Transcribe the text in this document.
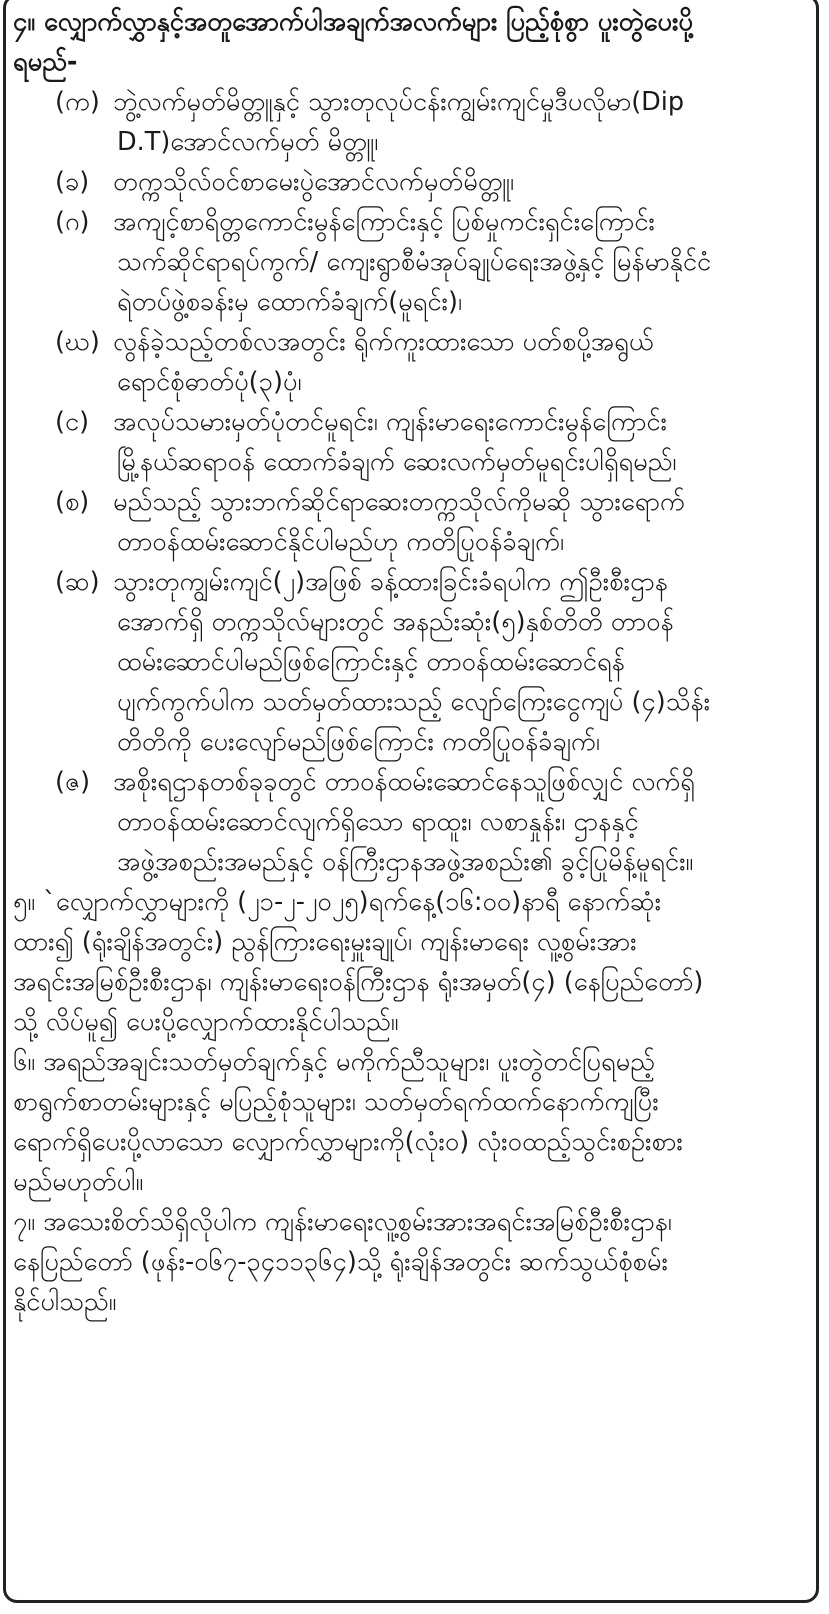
၄။ လျှောက်လွှာနှင့်အတူအောက်ပါအချက်အလက်များ ပြည့်စုံစွာ ပူးတွဲပေးပို့
ရမည်-
(က) ဘွဲ့လက်မှတ်မိတ္တူနှင့် သွားတုလုပ်ငန်းကျွမ်းကျင်မှုဒီပလိုမာ(Dip
D.T)အောင်လက်မှတ် မိတ္တူ၊
(ခ) တက္ကသိုလ်ဝင်စာမေးပွဲအောင်လက်မှတ်မိတ္တူ၊
(ဂ) အကျင့်စာရိတ္တကောင်းမွန်ကြောင်းနှင့် ပြစ်မှုကင်းရှင်းကြောင်း
သက်ဆိုင်ရာရပ်ကွက်/ ကျေးရွာစီမံအုပ်ချုပ်ရေးအဖွဲ့နှင့် မြန်မာနိုင်ငံ
ရဲတပ်ဖွဲ့စခန်းမှ ထောက်ခံချက်(မူရင်း)၊
(ဃ) လွန်ခဲ့သည့်တစ်လအတွင်း ရိုက်ကူးထားသော ပတ်စပို့အရွယ်
ရောင်စုံဓာတ်ပုံ(၃)ပုံ၊
(င) အလုပ်သမားမှတ်ပုံတင်မူရင်း၊ ကျန်းမာရေးကောင်းမွန်ကြောင်း
မြို့နယ်ဆရာဝန် ထောက်ခံချက် ဆေးလက်မှတ်မူရင်းပါရှိရမည်၊
(စ) မည်သည့် သွားဘက်ဆိုင်ရာဆေးတက္ကသိုလ်ကိုမဆို သွားရောက်
တာဝန်ထမ်းဆောင်နိုင်ပါမည်ဟု ကတိပြုဝန်ခံချက်၊
(ဆ) သွားတုကျွမ်းကျင်(၂)အဖြစ် ခန့်ထားခြင်းခံရပါက ဤဦးစီးဌာန
အောက်ရှိ တက္ကသိုလ်များတွင် အနည်းဆုံး(၅)နှစ်တိတိ တာဝန်
ထမ်းဆောင်ပါမည်ဖြစ်ကြောင်းနှင့် တာဝန်ထမ်းဆောင်ရန်
ပျက်ကွက်ပါက သတ်မှတ်ထားသည့် လျော်ကြေးငွေကျပ် (၄)သိန်း
တိတိကို ပေးလျော်မည်ဖြစ်ကြောင်း ကတိပြုဝန်ခံချက်၊
(ဇ) အစိုးရဌာနတစ်ခုခုတွင် တာဝန်ထမ်းဆောင်နေသူဖြစ်လျှင် လက်ရှိ
တာဝန်ထမ်းဆောင်လျက်ရှိသော ရာထူး၊ လစာနှုန်း၊ ဌာနနှင့်
အဖွဲ့အစည်းအမည်နှင့် ဝန်ကြီးဌာနအဖွဲ့အစည်း၏ ခွင့်ပြုမိန့်မူရင်း။
၅။ `လျှောက်လွှာများကို (၂၁-၂-၂၀၂၅)ရက်နေ့(၁၆:၀၀)နာရီ နောက်ဆုံး
ထား၍ (ရုံးချိန်အတွင်း) ညွန်ကြားရေးမှူးချုပ်၊ ကျန်းမာရေး လူ့စွမ်းအား
အရင်းအမြစ်ဦးစီးဌာန၊ ကျန်းမာရေးဝန်ကြီးဌာန ရုံးအမှတ်(၄) (နေပြည်တော်)
သို့ လိပ်မူ၍ ပေးပို့လျှောက်ထားနိုင်ပါသည်။
၆။ အရည်အချင်းသတ်မှတ်ချက်နှင့် မကိုက်ညီသူများ၊ ပူးတွဲတင်ပြရမည့်
စာရွက်စာတမ်းများနှင့် မပြည့်စုံသူများ၊ သတ်မှတ်ရက်ထက်နောက်ကျပြီး
ရောက်ရှိပေးပို့လာသော လျှောက်လွှာများကို(လုံးဝ) လုံးဝထည့်သွင်းစဉ်းစား
မည်မဟုတ်ပါ။
၇။ အသေးစိတ်သိရှိလိုပါက ကျန်းမာရေးလူ့စွမ်းအားအရင်းအမြစ်ဦးစီးဌာန၊
နေပြည်တော် (ဖုန်း-၀၆၇-၃၄၁၁၃၆၄)သို့ ရုံးချိန်အတွင်း ဆက်သွယ်စုံစမ်း
နိုင်ပါသည်။
